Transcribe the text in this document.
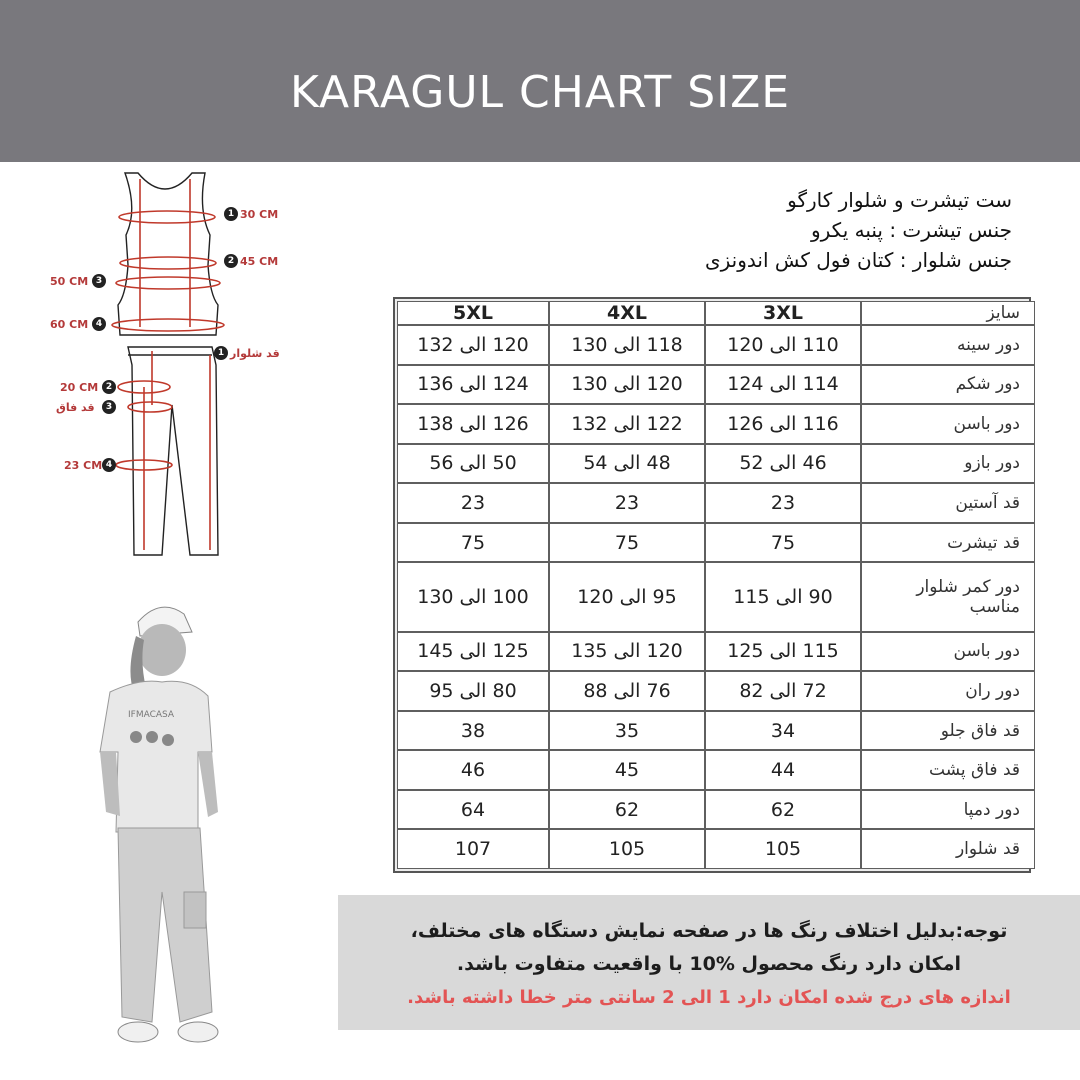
KARAGUL CHART SIZE
ست تیشرت و شلوار کارگو
جنس تیشرت : پنبه یکرو
جنس شلوار : کتان فول کش اندونزی
1 30 CM
2 45 CM
50 CM 3
60 CM 4
1 قد شلوار
20 CM 2
قد فاق	3
23 CM 4
IFMACASA
5XL	4XL	3XL	سایز
120 الی 132	118 الی 130	110 الی 120	دور سینه
124 الی 136	120 الی 130	114 الی 124	دور شکم
126 الی 138	122 الی 132	116 الی 126	دور باسن
50 الی 56	48 الی 54	46 الی 52	دور بازو
23	23	23	قد آستین
75	75	75	قد تیشرت
100 الی 130	95 الی 120	90 الی 115	دور کمر شلوار مناسب
125 الی 145	120 الی 135	115 الی 125	دور باسن
80 الی 95	76 الی 88	72 الی 82	دور ران
38	35	34	قد فاق جلو
46	45	44	قد فاق پشت
64	62	62	دور دمپا
107	105	105	قد شلوار
توجه:بدلیل اختلاف رنگ ها در صفحه نمایش دستگاه های مختلف،
امکان دارد رنگ محصول %10 با واقعیت متفاوت باشد.
اندازه های درج شده امکان دارد 1 الی 2 سانتی متر خطا داشته باشد.
